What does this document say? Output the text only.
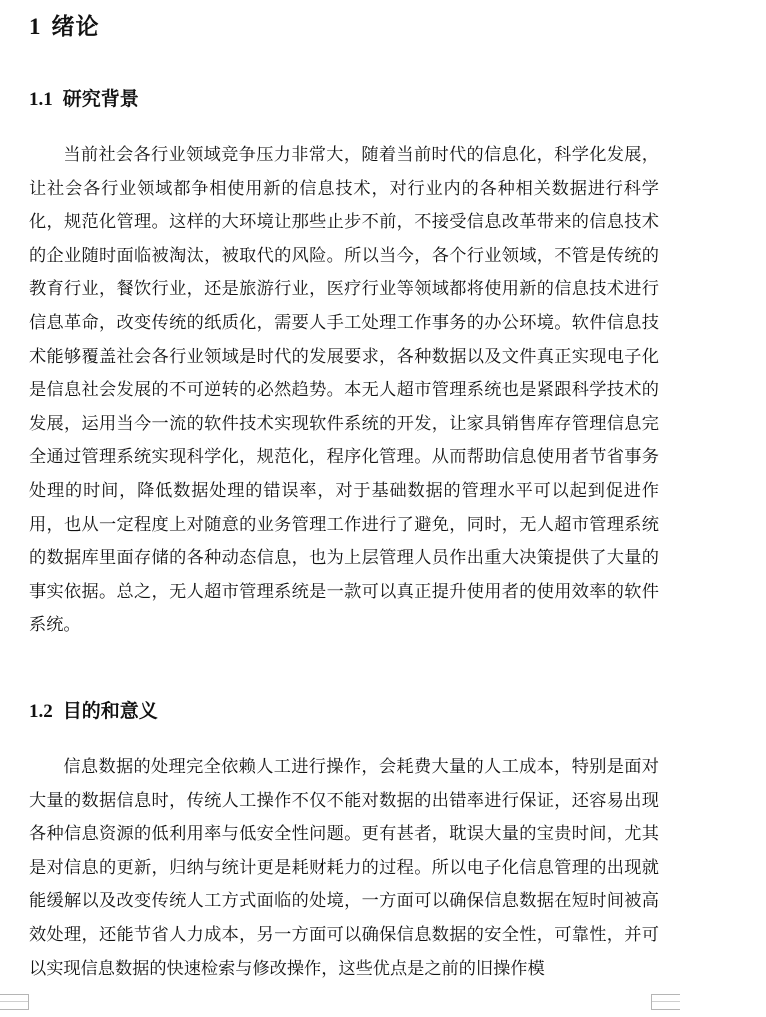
1 绪论
1.1 研究背景

当前社会各行业领域竞争压力非常大，随着当前时代的信息化，科学化发展，让社会各行业领域都争相使用新的信息技术，对行业内的各种相关数据进行科学化，规范化管理。这样的大环境让那些止步不前，不接受信息改革带来的信息技术的企业随时面临被淘汰，被取代的风险。所以当今，各个行业领域，不管是传统的教育行业，餐饮行业，还是旅游行业，医疗行业等领域都将使用新的信息技术进行信息革命，改变传统的纸质化，需要人手工处理工作事务的办公环境。软件信息技术能够覆盖社会各行业领域是时代的发展要求，各种数据以及文件真正实现电子化是信息社会发展的不可逆转的必然趋势。本无人超市管理系统也是紧跟科学技术的发展，运用当今一流的软件技术实现软件系统的开发，让家具销售库存管理信息完全通过管理系统实现科学化，规范化，程序化管理。从而帮助信息使用者节省事务处理的时间，降低数据处理的错误率，对于基础数据的管理水平可以起到促进作用，也从一定程度上对随意的业务管理工作进行了避免，同时，无人超市管理系统的数据库里面存储的各种动态信息，也为上层管理人员作出重大决策提供了大量的事实依据。总之，无人超市管理系统是一款可以真正提升使用者的使用效率的软件系统。

1.2 目的和意义

信息数据的处理完全依赖人工进行操作，会耗费大量的人工成本，特别是面对大量的数据信息时，传统人工操作不仅不能对数据的出错率进行保证，还容易出现各种信息资源的低利用率与低安全性问题。更有甚者，耽误大量的宝贵时间，尤其是对信息的更新，归纳与统计更是耗财耗力的过程。所以电子化信息管理的出现就能缓解以及改变传统人工方式面临的处境，一方面可以确保信息数据在短时间被高效处理，还能节省人力成本，另一方面可以确保信息数据的安全性，可靠性，并可以实现信息数据的快速检索与修改操作，这些优点是之前的旧操作模
